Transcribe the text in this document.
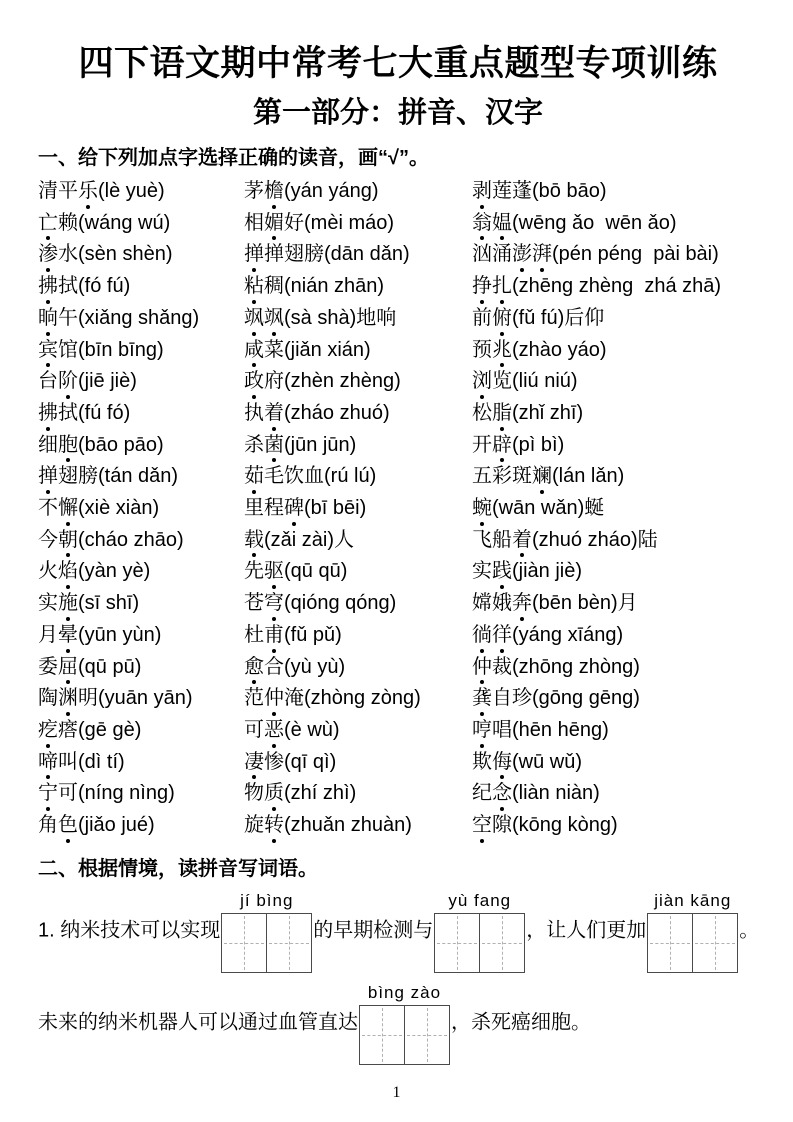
四下语文期中常考七大重点题型专项训练
第一部分：拼音、汉字
一、给下列加点字选择正确的读音，画“√”。
清平乐(lè yuè)	茅檐(yán yáng)	剥莲蓬(bō bāo)
亡赖(wáng wú)	相媚好(mèi máo)	翁媪(wēng ǎo  wēn ǎo)
渗水(sèn shèn)	掸掸翅膀(dān dǎn)	汹涌澎湃(pén péng  pài bài)
拂拭(fó fú)	粘稠(nián zhān)	挣扎(zhēng zhèng  zhá zhā)
晌午(xiǎng shǎng)	飒飒(sà shà)地响	前俯(fǔ fú)后仰
宾馆(bīn bīng)	咸菜(jiǎn xián)	预兆(zhào yáo)
台阶(jiē jiè)	政府(zhèn zhèng)	浏览(liú niú)
拂拭(fú fó)	执着(zháo zhuó)	松脂(zhǐ zhī)
细胞(bāo pāo)	杀菌(jūn jūn)	开辟(pì bì)
掸翅膀(tán dǎn)	茹毛饮血(rú lú)	五彩斑斓(lán lǎn)
不懈(xiè xiàn)	里程碑(bī bēi)	蜿(wān wǎn)蜒
今朝(cháo zhāo)	载(zǎi zài)人	飞船着(zhuó zháo)陆
火焰(yàn yè)	先驱(qū qū)	实践(jiàn jiè)
实施(sī shī)	苍穹(qióng qóng)	嫦娥奔(bēn bèn)月
月晕(yūn yùn)	杜甫(fǔ pǔ)	徜徉(yáng xīáng)
委屈(qū pū)	愈合(yù yù)	仲裁(zhōng zhòng)
陶渊明(yuān yān)	范仲淹(zhòng zòng)	龚自珍(gōng gēng)
疙瘩(gē gè)	可恶(è wù)	哼唱(hēn hēng)
啼叫(dì tí)	凄惨(qī qì)	欺侮(wū wǔ)
宁可(níng nìng)	物质(zhí zhì)	纪念(liàn niàn)
角色(jiǎo jué)	旋转(zhuǎn zhuàn)	空隙(kōng kòng)
二、根据情境，读拼音写词语。
1. 纳米技术可以实现
jí bìng
的早期检测与
yù fang
，让人们更加
jiàn kāng
。
未来的纳米机器人可以通过血管直达
bìng zào
，杀死癌细胞。
1
